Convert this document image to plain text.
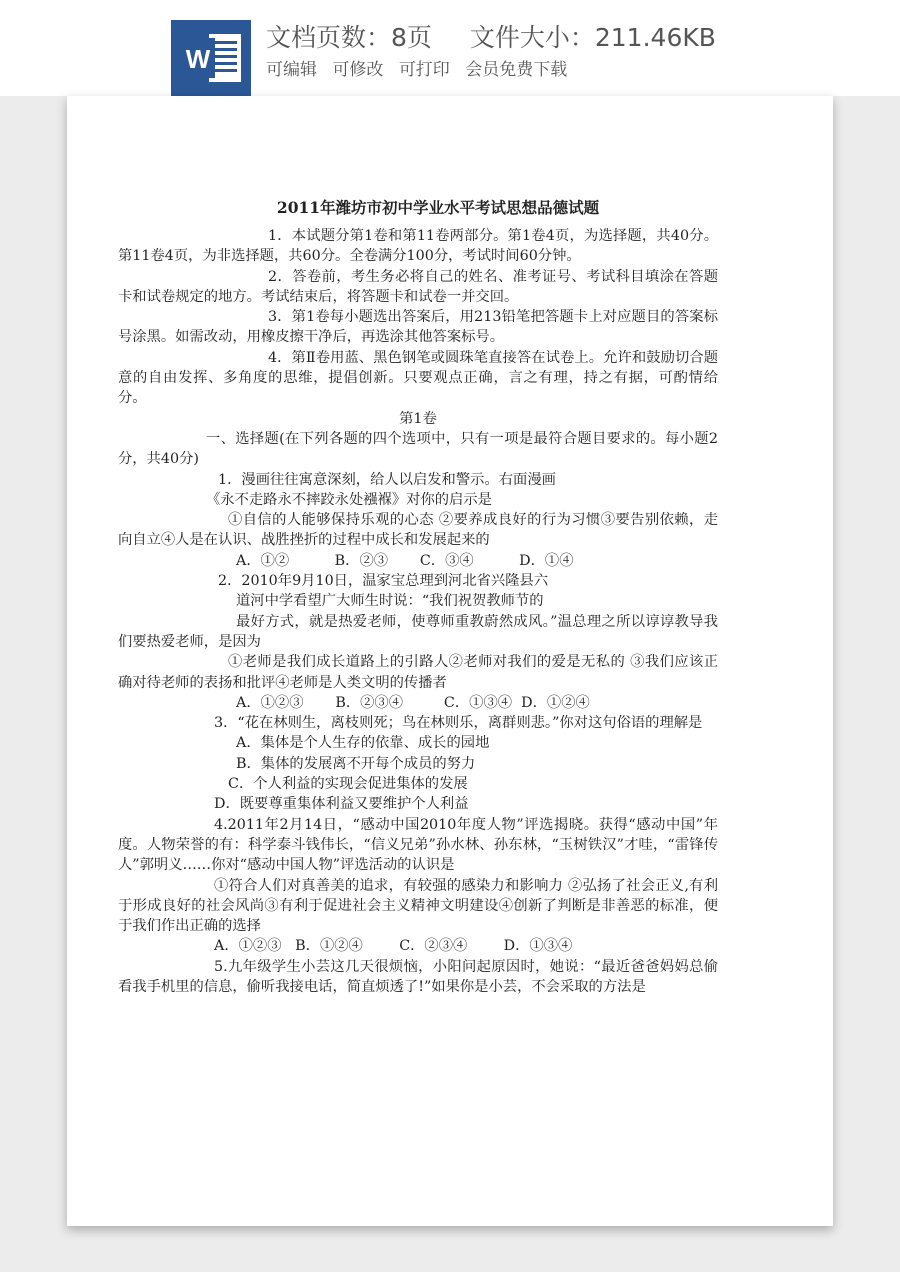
W
文档页数：8页 文件大小：211.46KB
可编辑 可修改 可打印 会员免费下载

2011年潍坊市初中学业水平考试思想品德试题

1．本试题分第1卷和第11卷两部分。第1卷4页，为选择题，共40分。第11卷4页，为非选择题，共60分。全卷满分100分，考试时间60分钟。

2．答卷前，考生务必将自己的姓名、准考证号、考试科目填涂在答题卡和试卷规定的地方。考试结束后，将答题卡和试卷一并交回。

3．第1卷每小题选出答案后，用213铅笔把答题卡上对应题目的答案标号涂黑。如需改动，用橡皮擦干净后，再选涂其他答案标号。

4．第Ⅱ卷用蓝、黑色钢笔或圆珠笔直接答在试卷上。允许和鼓励切合题意的自由发挥、多角度的思维，提倡创新。只要观点正确，言之有理，持之有据，可酌情给分。

第1卷

一、选择题(在下列各题的四个选项中，只有一项是最符合题目要求的。每小题2分，共40分)

1．漫画往往寓意深刻，给人以启发和警示。右面漫画

《永不走路永不摔跤永处襁褓》对你的启示是

①自信的人能够保持乐观的心态 ②要养成良好的行为习惯③要告别依赖，走向自立④人是在认识、战胜挫折的过程中成长和发展起来的

A．①②          B．②③       C．③④          D．①④

2．2010年9月10日，温家宝总理到河北省兴隆县六

道河中学看望广大师生时说：“我们祝贺教师节的

最好方式，就是热爱老师，使尊师重教蔚然成风。”温总理之所以谆谆教导我们要热爱老师，是因为

①老师是我们成长道路上的引路人②老师对我们的爱是无私的 ③我们应该正确对待老师的表扬和批评④老师是人类文明的传播者

A．①②③       B．②③④         C．①③④  D．①②④

3．“花在林则生，离枝则死；鸟在林则乐，离群则悲。”你对这句俗语的理解是

A．集体是个人生存的依靠、成长的园地

B．集体的发展离不开每个成员的努力

C．个人利益的实现会促进集体的发展

D．既要尊重集体利益又要维护个人利益

4.2011年2月14日，“感动中国2010年度人物”评选揭晓。获得“感动中国”年度。人物荣誉的有：科学泰斗钱伟长，“信义兄弟”孙水林、孙东林，“玉树铁汉”才哇，“雷锋传人”郭明义……你对“感动中国人物”评选活动的认识是

①符合人们对真善美的追求，有较强的感染力和影响力 ②弘扬了社会正义,有利于形成良好的社会风尚③有利于促进社会主义精神文明建设④创新了判断是非善恶的标准，便于我们作出正确的选择

A．①②③   B．①②④        C．②③④        D．①③④

5.九年级学生小芸这几天很烦恼，小阳问起原因时，她说：“最近爸爸妈妈总偷看我手机里的信息，偷听我接电话，简直烦透了!”如果你是小芸，不会采取的方法是
